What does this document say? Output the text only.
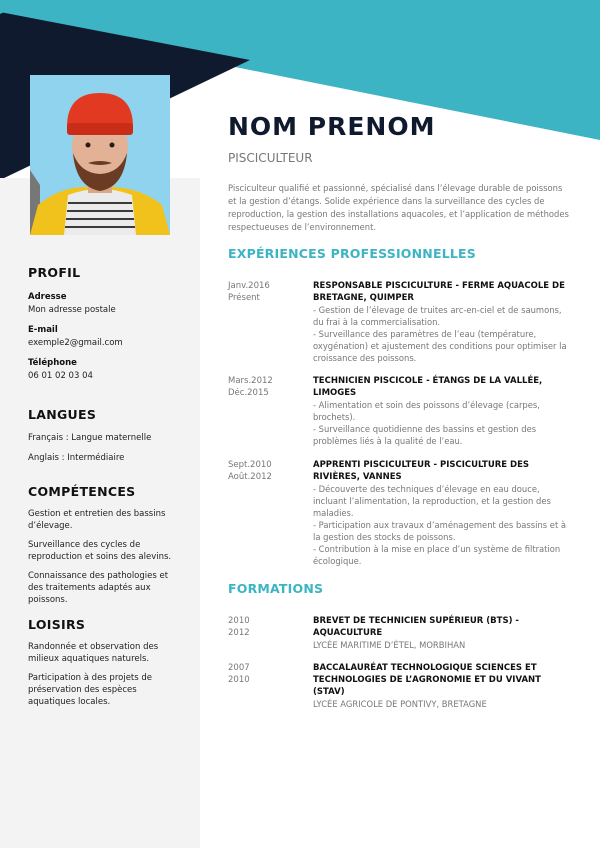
NOM PRENOM
PISCICULTEUR

Pisciculteur qualifié et passionné, spécialisé dans l’élevage durable de poissons et la gestion d’étangs. Solide expérience dans la surveillance des cycles de reproduction, la gestion des installations aquacoles, et l’application de méthodes respectueuses de l’environnement.

PROFIL

Adresse

Mon adresse postale

E-mail

exemple2@gmail.com

Téléphone

06 01 02 03 04

LANGUES

Français : Langue maternelle

Anglais : Intermédiaire

COMPÉTENCES

Gestion et entretien des bassins d’élevage.

Surveillance des cycles de reproduction et soins des alevins.

Connaissance des pathologies et des traitements adaptés aux poissons.

LOISIRS

Randonnée et observation des milieux aquatiques naturels.

Participation à des projets de préservation des espèces aquatiques locales.

EXPÉRIENCES PROFESSIONNELLES
Janv.2016
Présent

RESPONSABLE PISCICULTURE - FERME AQUACOLE DE BRETAGNE, QUIMPER

- Gestion de l’élevage de truites arc-en-ciel et de saumons, du frai à la commercialisation.

- Surveillance des paramètres de l’eau (température, oxygénation) et ajustement des conditions pour optimiser la croissance des poissons.

Mars.2012
Déc.2015

TECHNICIEN PISCICOLE - ÉTANGS DE LA VALLÉE, LIMOGES

- Alimentation et soin des poissons d’élevage (carpes, brochets).

- Surveillance quotidienne des bassins et gestion des problèmes liés à la qualité de l’eau.

Sept.2010
Août.2012

APPRENTI PISCICULTEUR - PISCICULTURE DES RIVIÈRES, VANNES

- Découverte des techniques d’élevage en eau douce, incluant l’alimentation, la reproduction, et la gestion des maladies.

- Participation aux travaux d’aménagement des bassins et à la gestion des stocks de poissons.

- Contribution à la mise en place d’un système de filtration écologique.

FORMATIONS
2010
2012

BREVET DE TECHNICIEN SUPÉRIEUR (BTS) - AQUACULTURE

LYCÉE MARITIME D’ÉTEL, MORBIHAN

2007
2010

BACCALAURÉAT TECHNOLOGIQUE SCIENCES ET TECHNOLOGIES DE L’AGRONOMIE ET DU VIVANT (STAV)

LYCÉE AGRICOLE DE PONTIVY, BRETAGNE
